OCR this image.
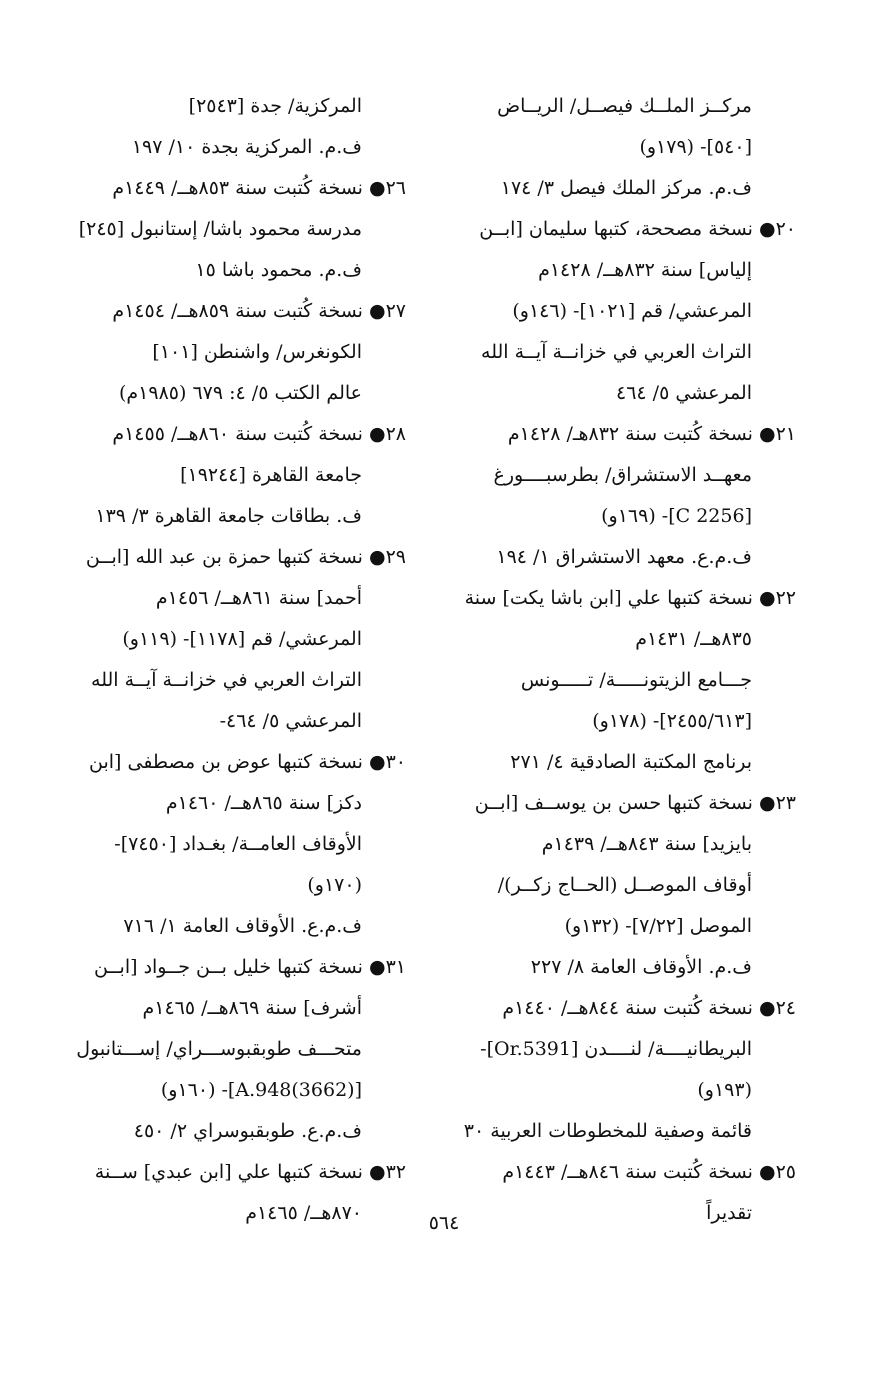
مركــز الملــك فيصــل/ الريــاض
[٥٤٠]- (١٧٩و)
ف.م. مركز الملك فيصل ٣/ ١٧٤
٢٠● نسخة مصححة، كتبها سليمان [ابــن
إلياس] سنة ٨٣٢هــ/ ١٤٢٨م
المرعشي/ قم [١٠٢١]- (١٤٦و)
التراث العربي في خزانــة آيــة الله
المرعشي ٥/ ٤٦٤
٢١● نسخة كُتبت سنة ٨٣٢هـ/ ١٤٢٨م
معهــد الاستشراق/ بطرسبــــورغ
[C 2256]- (١٦٩و)
ف.م.ع. معهد الاستشراق ١/ ١٩٤
٢٢● نسخة كتبها علي [ابن باشا يكت] سنة
٨٣٥هــ/ ١٤٣١م
جـــامع الزيتونـــــة/ تـــــونس
[٢٤٥٥/٦١٣]- (١٧٨و)
برنامج المكتبة الصادقية ٤/ ٢٧١
٢٣● نسخة كتبها حسن بن يوســف [ابــن
بايزيد] سنة ٨٤٣هــ/ ١٤٣٩م
أوقاف الموصــل (الحــاج زكــر)/
الموصل [٧/٢٢]- (١٣٢و)
ف.م. الأوقاف العامة ٨/ ٢٢٧
٢٤● نسخة كُتبت سنة ٨٤٤هــ/ ١٤٤٠م
البريطانيــــة/ لنــــدن [Or.5391]-
(١٩٣و)
قائمة وصفية للمخطوطات العربية ٣٠
٢٥● نسخة كُتبت سنة ٨٤٦هــ/ ١٤٤٣م
تقديراً
المركزية/ جدة [٢٥٤٣]
ف.م. المركزية بجدة ١٠/ ١٩٧
٢٦● نسخة كُتبت سنة ٨٥٣هــ/ ١٤٤٩م
مدرسة محمود باشا/ إستانبول [٢٤٥]
ف.م. محمود باشا ١٥
٢٧● نسخة كُتبت سنة ٨٥٩هــ/ ١٤٥٤م
الكونغرس/ واشنطن [١٠١]
عالم الكتب ٥/ ٤: ٦٧٩ (١٩٨٥م)
٢٨● نسخة كُتبت سنة ٨٦٠هــ/ ١٤٥٥م
جامعة القاهرة [١٩٢٤٤]
ف. بطاقات جامعة القاهرة ٣/ ١٣٩
٢٩● نسخة كتبها حمزة بن عبد الله [ابــن
أحمد] سنة ٨٦١هــ/ ١٤٥٦م
المرعشي/ قم [١١٧٨]- (١١٩و)
التراث العربي في خزانــة آيــة الله
المرعشي ٥/ ٤٦٤-
٣٠● نسخة كتبها عوض بن مصطفى [ابن
دكز] سنة ٨٦٥هــ/ ١٤٦٠م
الأوقاف العامــة/ بغـداد [٧٤٥٠]-
(١٧٠و)
ف.م.ع. الأوقاف العامة ١/ ٧١٦
٣١● نسخة كتبها خليل بــن جــواد [ابــن
أشرف] سنة ٨٦٩هــ/ ١٤٦٥م
متحـــف طوبقبوســـراي/ إســـتانبول
[A.948(3662)]- (١٦٠و)
ف.م.ع. طوبقبوسراي ٢/ ٤٥٠
٣٢● نسخة كتبها علي [ابن عبدي] ســنة
٨٧٠هــ/ ١٤٦٥م	٥٦٤
